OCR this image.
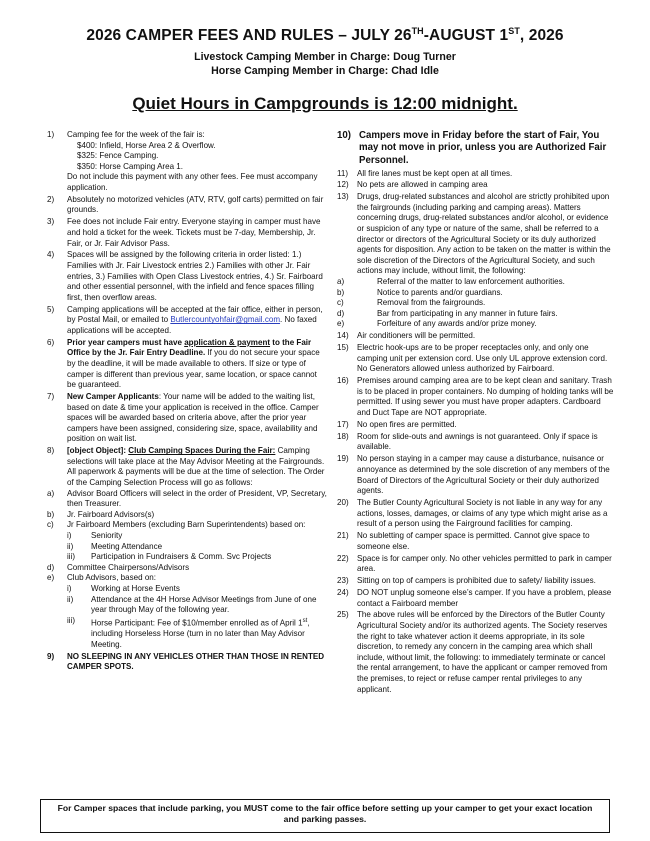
2026 CAMPER FEES AND RULES – JULY 26TH-AUGUST 1ST, 2026
Livestock Camping Member in Charge: Doug Turner
Horse Camping Member in Charge: Chad Idle
Quiet Hours in Campgrounds is 12:00 midnight.
1) Camping fee for the week of the fair is:
$400: Infield, Horse Area 2 & Overflow.
$325: Fence Camping.
$350: Horse Camping Area 1.
Do not include this payment with any other fees. Fee must accompany application.
2) Absolutely no motorized vehicles (ATV, RTV, golf carts) permitted on fair grounds.
3) Fee does not include Fair entry. Everyone staying in camper must have and hold a ticket for the week. Tickets must be 7-day, Membership, Jr. Fair, or Jr. Fair Advisor Pass.
4) Spaces will be assigned by the following criteria in order listed: 1.) Families with Jr. Fair Livestock entries 2.) Families with other Jr. Fair entries, 3.) Families with Open Class Livestock entries, 4.) Sr. Fairboard and other essential personnel, with the infield and fence spaces filling first, then overflow areas.
5) Camping applications will be accepted at the fair office, either in person, by Postal Mail, or emailed to Butlercountyohfair@gmail.com. No faxed applications will be accepted.
6) Prior year campers must have application & payment to the Fair Office by the Jr. Fair Entry Deadline. If you do not secure your space by the deadline, it will be made available to others. If size or type of camper is different than previous year, same location, or space cannot be guaranteed.
7) New Camper Applicants: Your name will be added to the waiting list, based on date & time your application is received in the office. Camper spaces will be awarded based on criteria above, after the prior year campers have been assigned, considering size, space, availability and position on wait list.
8) [object Object]: Club Camping Spaces During the Fair: Camping selections will take place at the May Advisor Meeting at the Fairgrounds. All paperwork & payments will be due at the time of selection. The Order of the Camping Selection Process will go as follows:
a) Advisor Board Officers will select in the order of President, VP, Secretary, then Treasurer.
b) Jr. Fairboard Advisors(s)
c) Jr Fairboard Members (excluding Barn Superintendents) based on:
i) Seniority
ii) Meeting Attendance
iii) Participation in Fundraisers & Comm. Svc Projects
d) Committee Chairpersons/Advisors
e) Club Advisors, based on:
i) Working at Horse Events
ii) Attendance at the 4H Horse Advisor Meetings from June of one year through May of the following year.
iii) Horse Participant: Fee of $10/member enrolled as of April 1st, including Horseless Horse (turn in no later than May Advisor Meeting.
9) NO SLEEPING IN ANY VEHICLES OTHER THAN THOSE IN RENTED CAMPER SPOTS.
10) Campers move in Friday before the start of Fair, You may not move in prior, unless you are Authorized Fair Personnel.
11) All fire lanes must be kept open at all times.
12) No pets are allowed in camping area
13) Drugs, drug-related substances and alcohol are strictly prohibited upon the fairgrounds (including parking and camping areas). Matters concerning drugs, drug-related substances and/or alcohol, or evidence or suspicion of any type or nature of the same, shall be referred to a director or directors of the Agricultural Society or its duly authorized agents for disposition. Any action to be taken on the matter is within the sole discretion of the Directors of the Agricultural Society, and such actions may include, without limit, the following:
a)	Referral of the matter to law enforcement authorities.
b)	Notice to parents and/or guardians.
c)	Removal from the fairgrounds.
d)	Bar from participating in any manner in future fairs.
e)	Forfeiture of any awards and/or prize money.
14) Air conditioners will be permitted.
15) Electric hook-ups are to be proper receptacles only, and only one camping unit per extension cord. Use only UL approve extension cord. No Generators allowed unless authorized by Fairboard.
16) Premises around camping area are to be kept clean and sanitary. Trash is to be placed in proper containers. No dumping of holding tanks will be permitted. If using sewer you must have proper adapters. Cardboard and Duct Tape are NOT appropriate.
17) No open fires are permitted.
18) Room for slide-outs and awnings is not guaranteed. Only if space is available.
19) No person staying in a camper may cause a disturbance, nuisance or annoyance as determined by the sole discretion of any members of the Board of Directors of the Agricultural Society or their duly authorized agents.
20) The Butler County Agricultural Society is not liable in any way for any actions, losses, damages, or claims of any type which might arise as a result of a person using the Fairground facilities for camping.
21) No subletting of camper space is permitted. Cannot give space to someone else.
22) Space is for camper only. No other vehicles permitted to park in camper area.
23) Sitting on top of campers is prohibited due to safety/ liability issues.
24) DO NOT unplug someone else’s camper. If you have a problem, please contact a Fairboard member
25) The above rules will be enforced by the Directors of the Butler County Agricultural Society and/or its authorized agents. The Society reserves the right to take whatever action it deems appropriate, in its sole discretion, to remedy any concern in the camping area which shall include, without limit, the following: to immediately terminate or cancel the rental arrangement, to have the applicant or camper removed from the premises, to reject or refuse camper rental privileges to any applicant.
For Camper spaces that include parking, you MUST come to the fair office before setting up your camper to get your exact location and parking passes.
